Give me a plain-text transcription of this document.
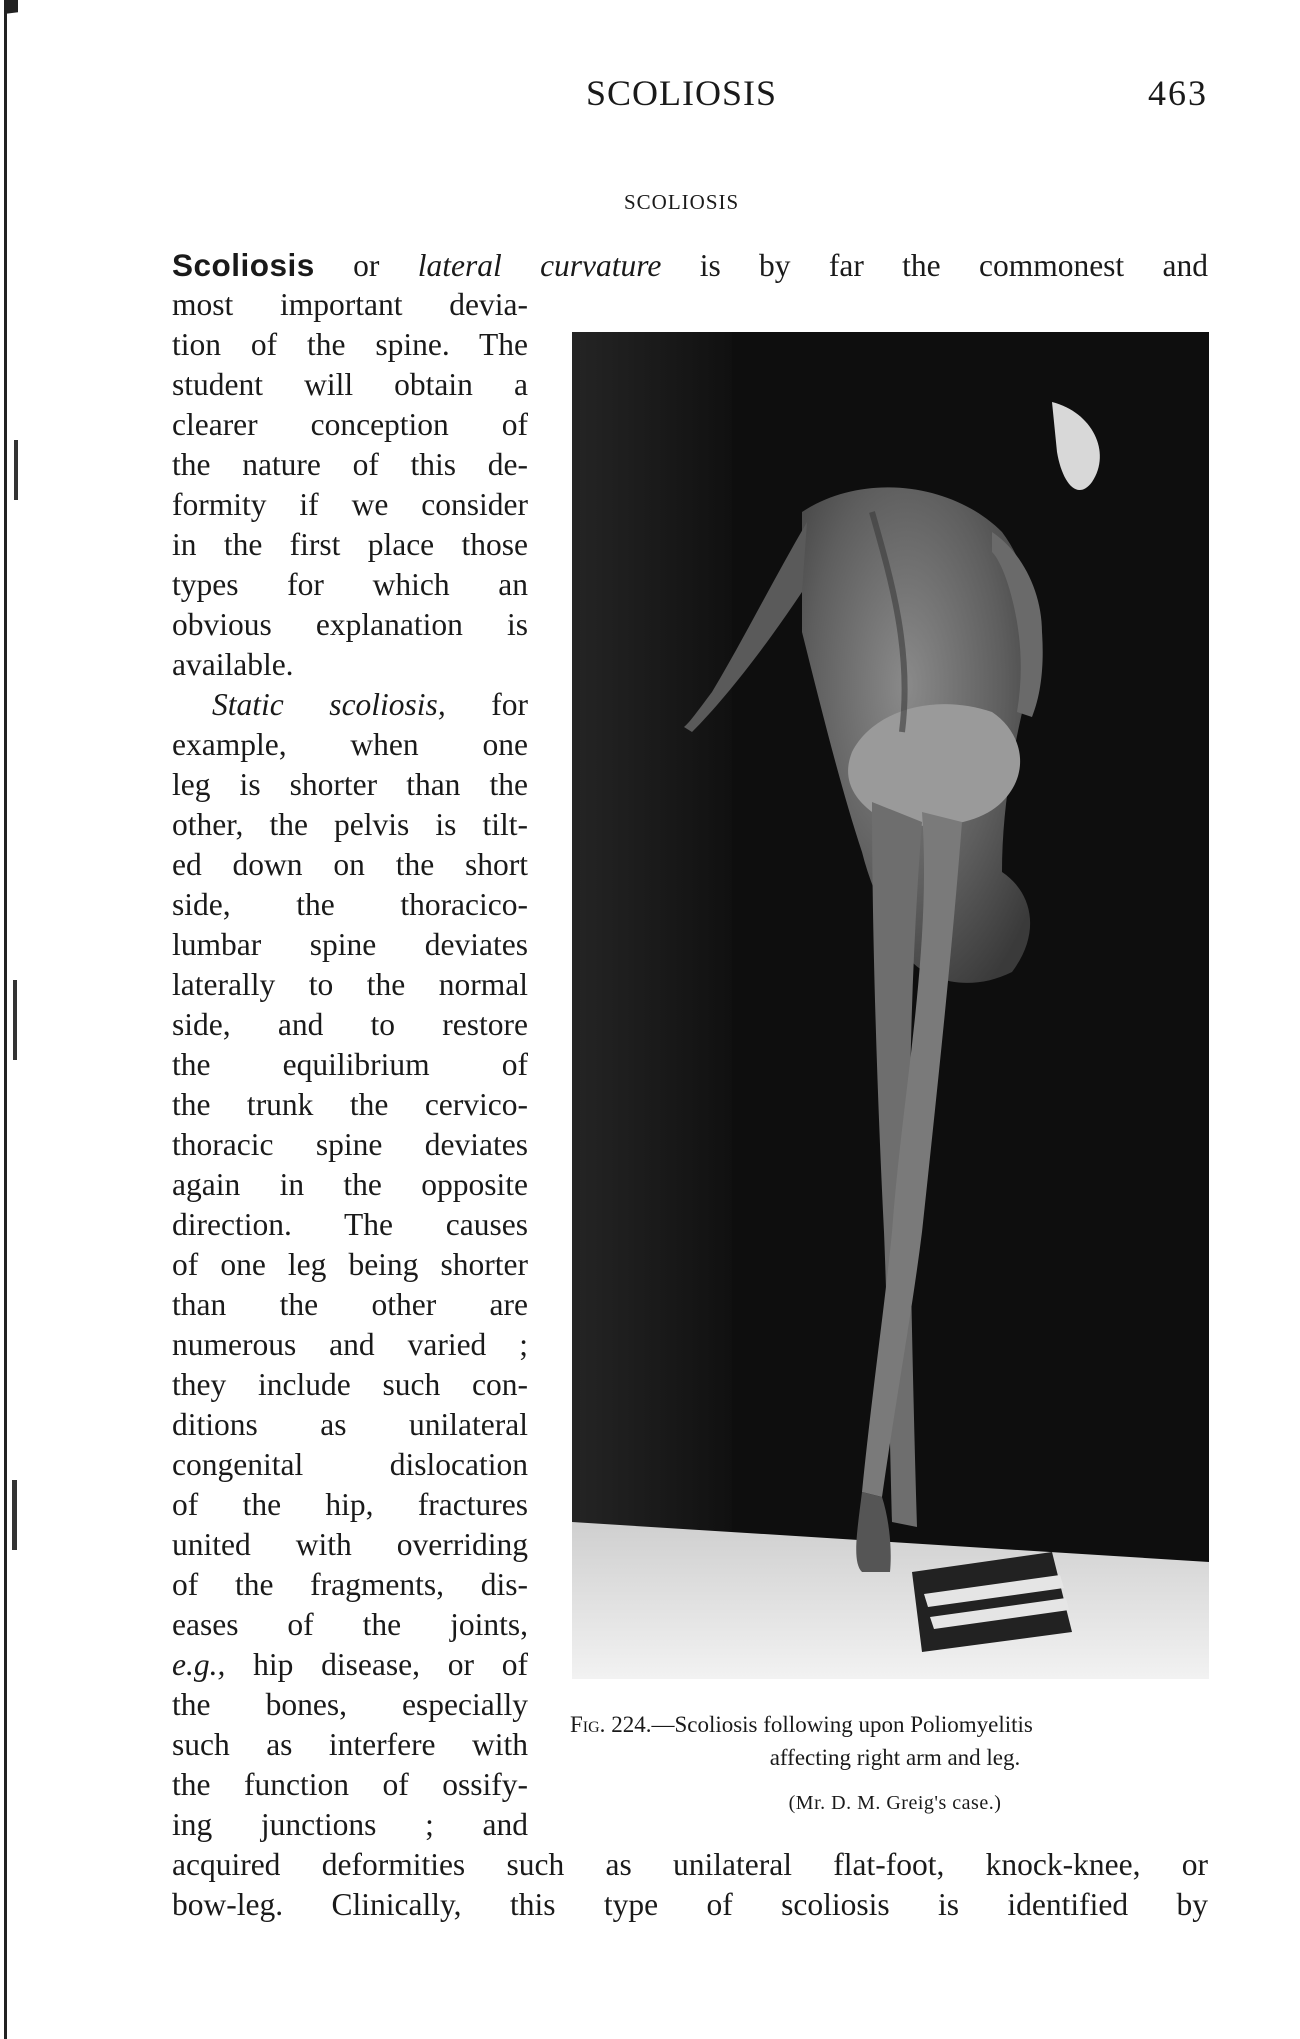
SCOLIOSIS	463
SCOLIOSIS
Scoliosis or lateral curvature is by far the commonest and
most important devia-
tion of the spine. The
student will obtain a
clearer conception of
the nature of this de-
formity if we consider
in the first place those
types for which an
obvious explanation is
available.
Static scoliosis, for
example, when one
leg is shorter than the
other, the pelvis is tilt-
ed down on the short
side, the thoracico-
lumbar spine deviates
laterally to the normal
side, and to restore
the equilibrium of
the trunk the cervico-
thoracic spine deviates
again in the opposite
direction. The causes
of one leg being shorter
than the other are
numerous and varied ;
they include such con-
ditions as unilateral
congenital dislocation
of the hip, fractures
united with overriding
of the fragments, dis-
eases of the joints,
e.g., hip disease, or of
the bones, especially
such as interfere with
the function of ossify-
ing junctions ; and
acquired deformities such as unilateral flat-foot, knock-knee, or
bow-leg. Clinically, this type of scoliosis is identified by
Fig. 224.—Scoliosis following upon Poliomyelitis
affecting right arm and leg.
(Mr. D. M. Greig's case.)
